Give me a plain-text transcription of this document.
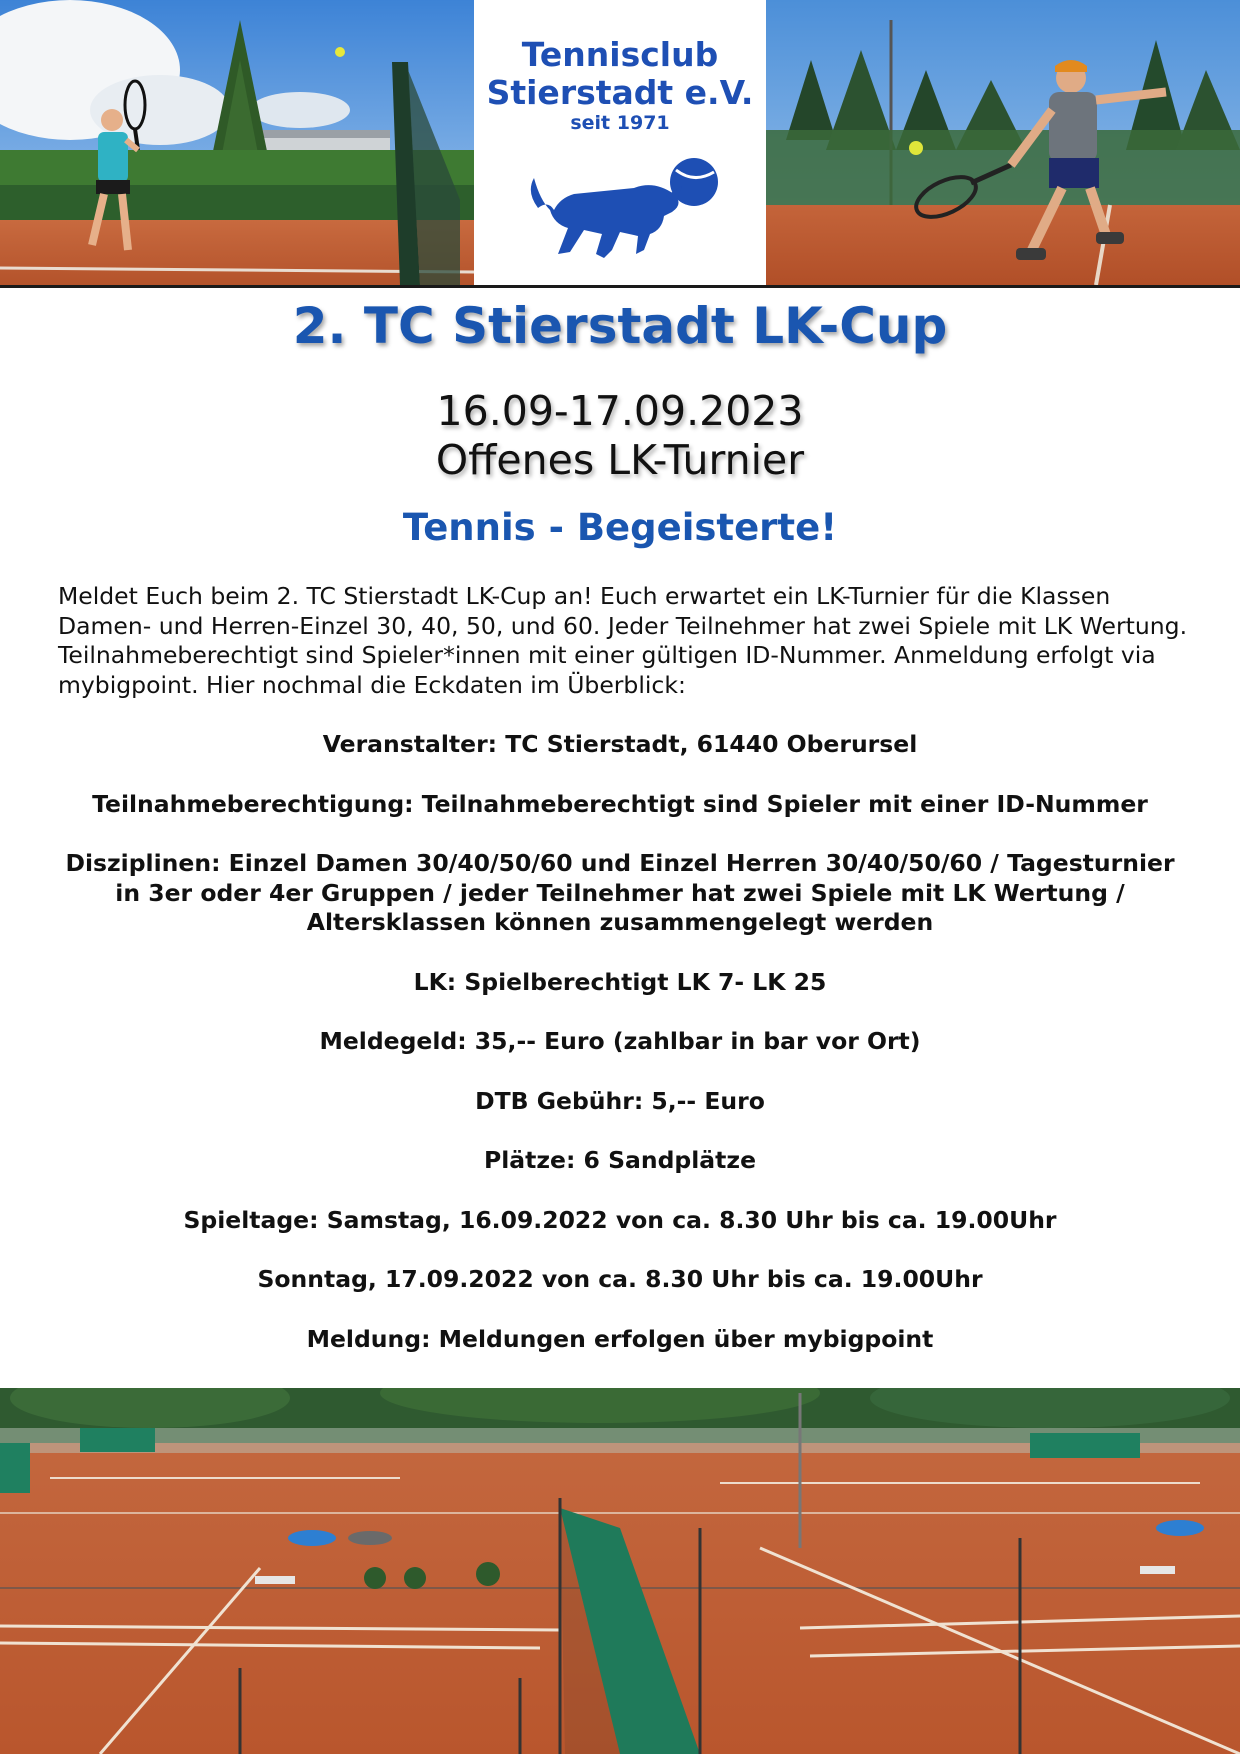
Tennisclub
Stierstadt e.V.
seit 1971
2. TC Stierstadt LK-Cup
16.09-17.09.2023
Offenes LK-Turnier
Tennis - Begeisterte!
Meldet Euch beim 2. TC Stierstadt LK-Cup an! Euch erwartet ein LK-Turnier für die Klassen Damen- und Herren-Einzel 30, 40, 50, und 60. Jeder Teilnehmer hat zwei Spiele mit LK Wertung. Teilnahmeberechtigt sind Spieler*innen mit einer gültigen ID-Nummer. Anmeldung erfolgt via mybigpoint. Hier nochmal die Eckdaten im Überblick:

Veranstalter: TC Stierstadt, 61440 Oberursel

Teilnahmeberechtigung: Teilnahmeberechtigt sind Spieler mit einer ID-Nummer

Disziplinen: Einzel Damen 30/40/50/60 und Einzel Herren 30/40/50/60 / Tagesturnier in 3er oder 4er Gruppen / jeder Teilnehmer hat zwei Spiele mit LK Wertung / Altersklassen können zusammengelegt werden

LK: Spielberechtigt LK 7- LK 25

Meldegeld: 35,-- Euro (zahlbar in bar vor Ort)

DTB Gebühr: 5,-- Euro

Plätze: 6 Sandplätze

Spieltage: Samstag, 16.09.2022 von ca. 8.30 Uhr bis ca. 19.00Uhr

Sonntag, 17.09.2022 von ca. 8.30 Uhr bis ca. 19.00Uhr

Meldung: Meldungen erfolgen über mybigpoint
